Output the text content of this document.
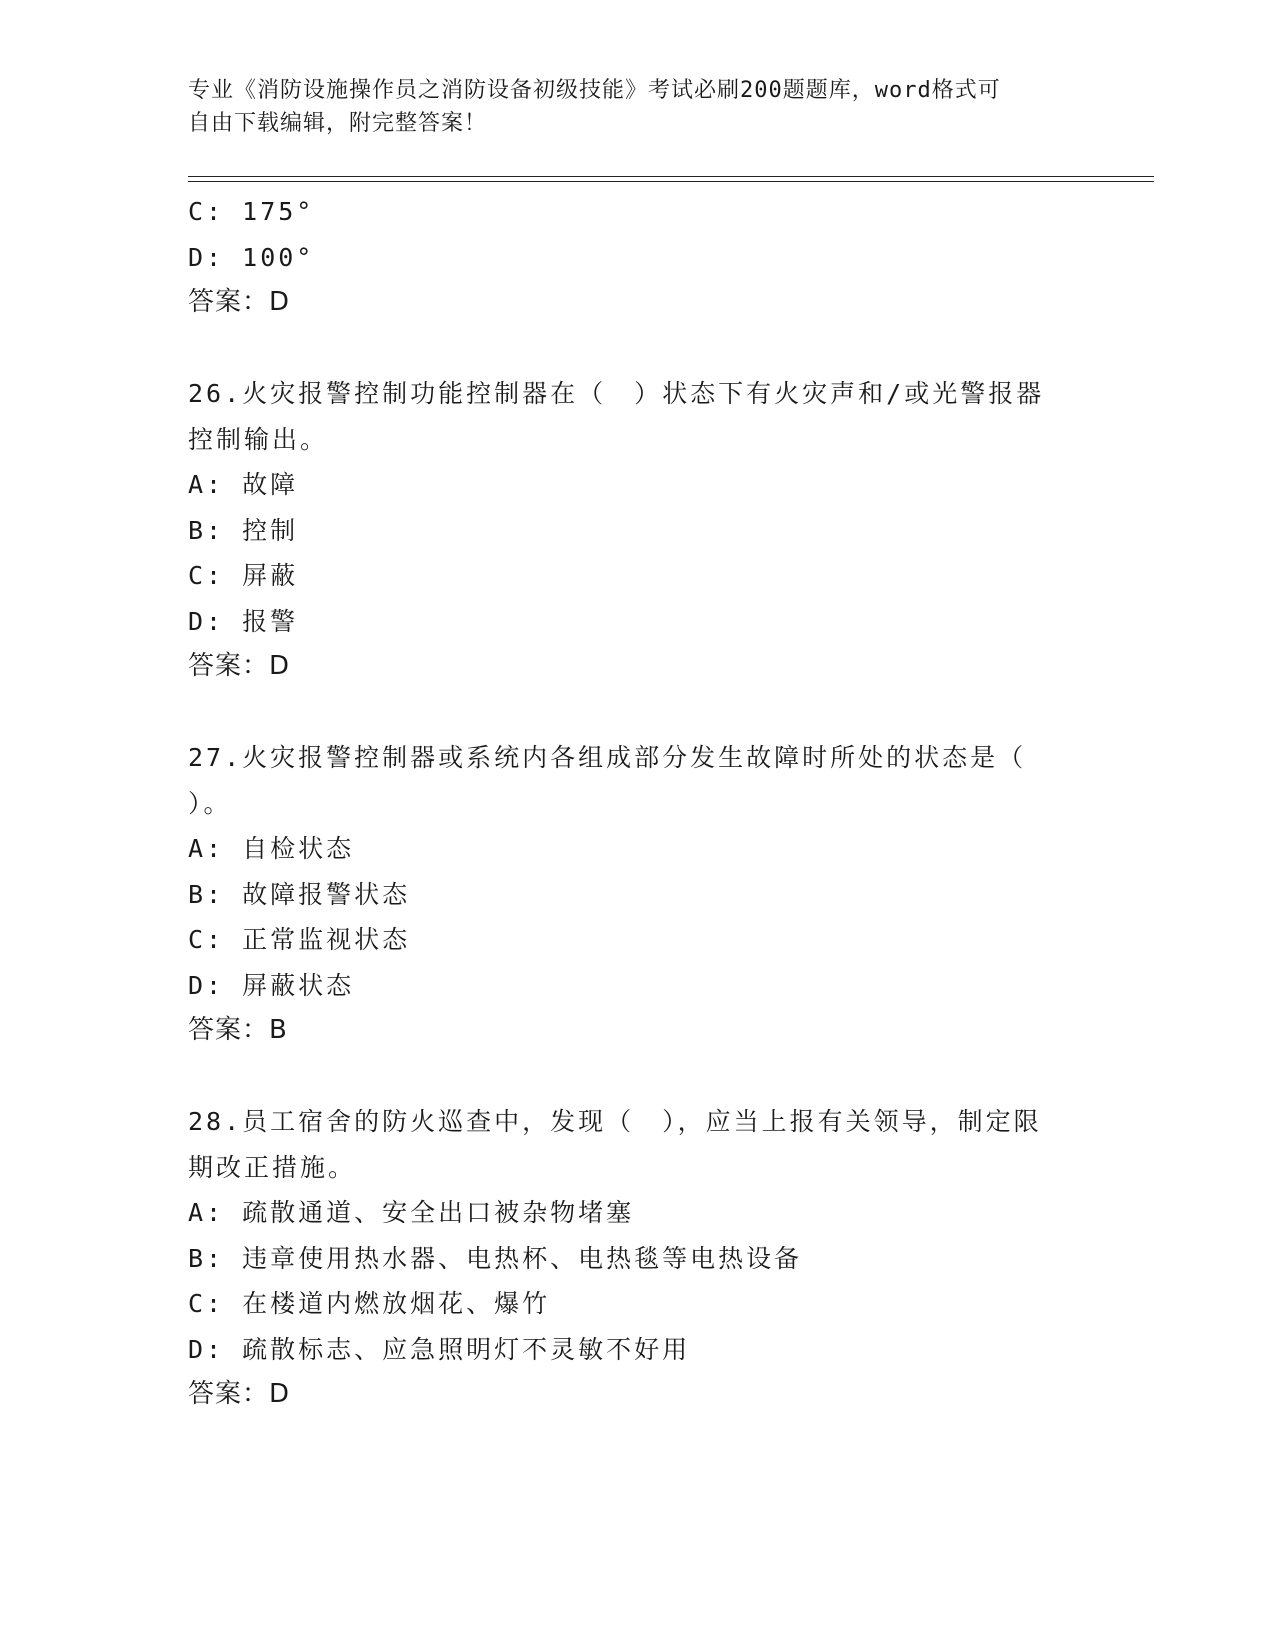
专业《消防设施操作员之消防设备初级技能》考试必刷200题题库，word格式可
自由下载编辑，附完整答案！
C: 175°
D: 100°
答案：D
26.火灾报警控制功能控制器在（　）状态下有火灾声和/或光警报器
控制输出。
A: 故障
B: 控制
C: 屏蔽
D: 报警
答案：D
27.火灾报警控制器或系统内各组成部分发生故障时所处的状态是（
）。
A: 自检状态
B: 故障报警状态
C: 正常监视状态
D: 屏蔽状态
答案：B
28.员工宿舍的防火巡查中，发现（　），应当上报有关领导，制定限
期改正措施。
A: 疏散通道、安全出口被杂物堵塞
B: 违章使用热水器、电热杯、电热毯等电热设备
C: 在楼道内燃放烟花、爆竹
D: 疏散标志、应急照明灯不灵敏不好用
答案：D
